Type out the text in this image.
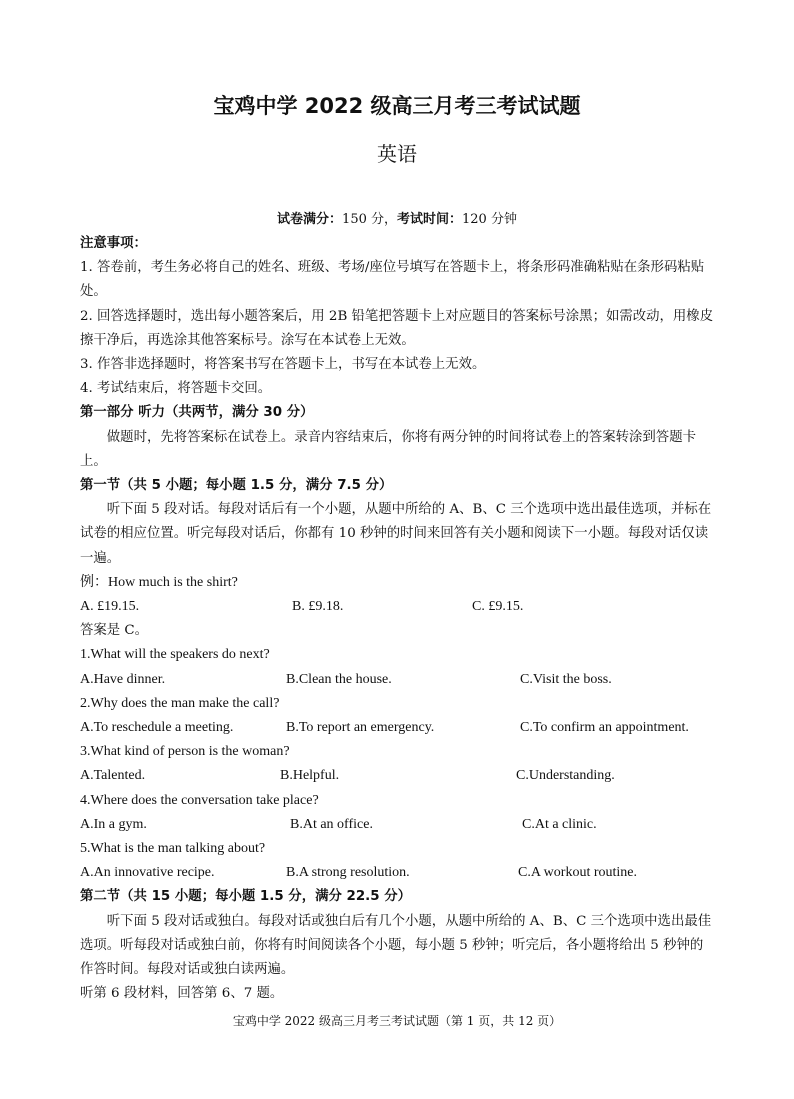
宝鸡中学 2022 级高三月考三考试试题
英语
试卷满分：150 分，考试时间：120 分钟

注意事项：

1. 答卷前，考生务必将自己的姓名、班级、考场/座位号填写在答题卡上，将条形码准确粘贴在条形码粘贴处。

2. 回答选择题时，选出每小题答案后，用 2B 铅笔把答题卡上对应题目的答案标号涂黑；如需改动，用橡皮擦干净后，再选涂其他答案标号。涂写在本试卷上无效。

3. 作答非选择题时，将答案书写在答题卡上，书写在本试卷上无效。

4. 考试结束后，将答题卡交回。

第一部分 听力（共两节，满分 30 分）

做题时，先将答案标在试卷上。录音内容结束后，你将有两分钟的时间将试卷上的答案转涂到答题卡上。

第一节（共 5 小题；每小题 1.5 分，满分 7.5 分）

听下面 5 段对话。每段对话后有一个小题，从题中所给的 A、B、C 三个选项中选出最佳选项，并标在试卷的相应位置。听完每段对话后，你都有 10 秒钟的时间来回答有关小题和阅读下一小题。每段对话仅读一遍。

例：How much is the shirt?

A. £19.15.	B. £9.18.	C. £9.15.

答案是 C。

1.What will the speakers do next?

A.Have dinner.	B.Clean the house.	C.Visit the boss.

2.Why does the man make the call?

A.To reschedule a meeting.	B.To report an emergency.	C.To confirm an appointment.

3.What kind of person is the woman?

A.Talented.	B.Helpful.	C.Understanding.

4.Where does the conversation take place?

A.In a gym.	B.At an office.	C.At a clinic.

5.What is the man talking about?

A.An innovative recipe.	B.A strong resolution.	C.A workout routine.

第二节（共 15 小题；每小题 1.5 分，满分 22.5 分）

听下面 5 段对话或独白。每段对话或独白后有几个小题，从题中所给的 A、B、C 三个选项中选出最佳选项。听每段对话或独白前，你将有时间阅读各个小题，每小题 5 秒钟；听完后，各小题将给出 5 秒钟的作答时间。每段对话或独白读两遍。

听第 6 段材料，回答第 6、7 题。

宝鸡中学 2022 级高三月考三考试试题（第 1 页，共 12 页）
